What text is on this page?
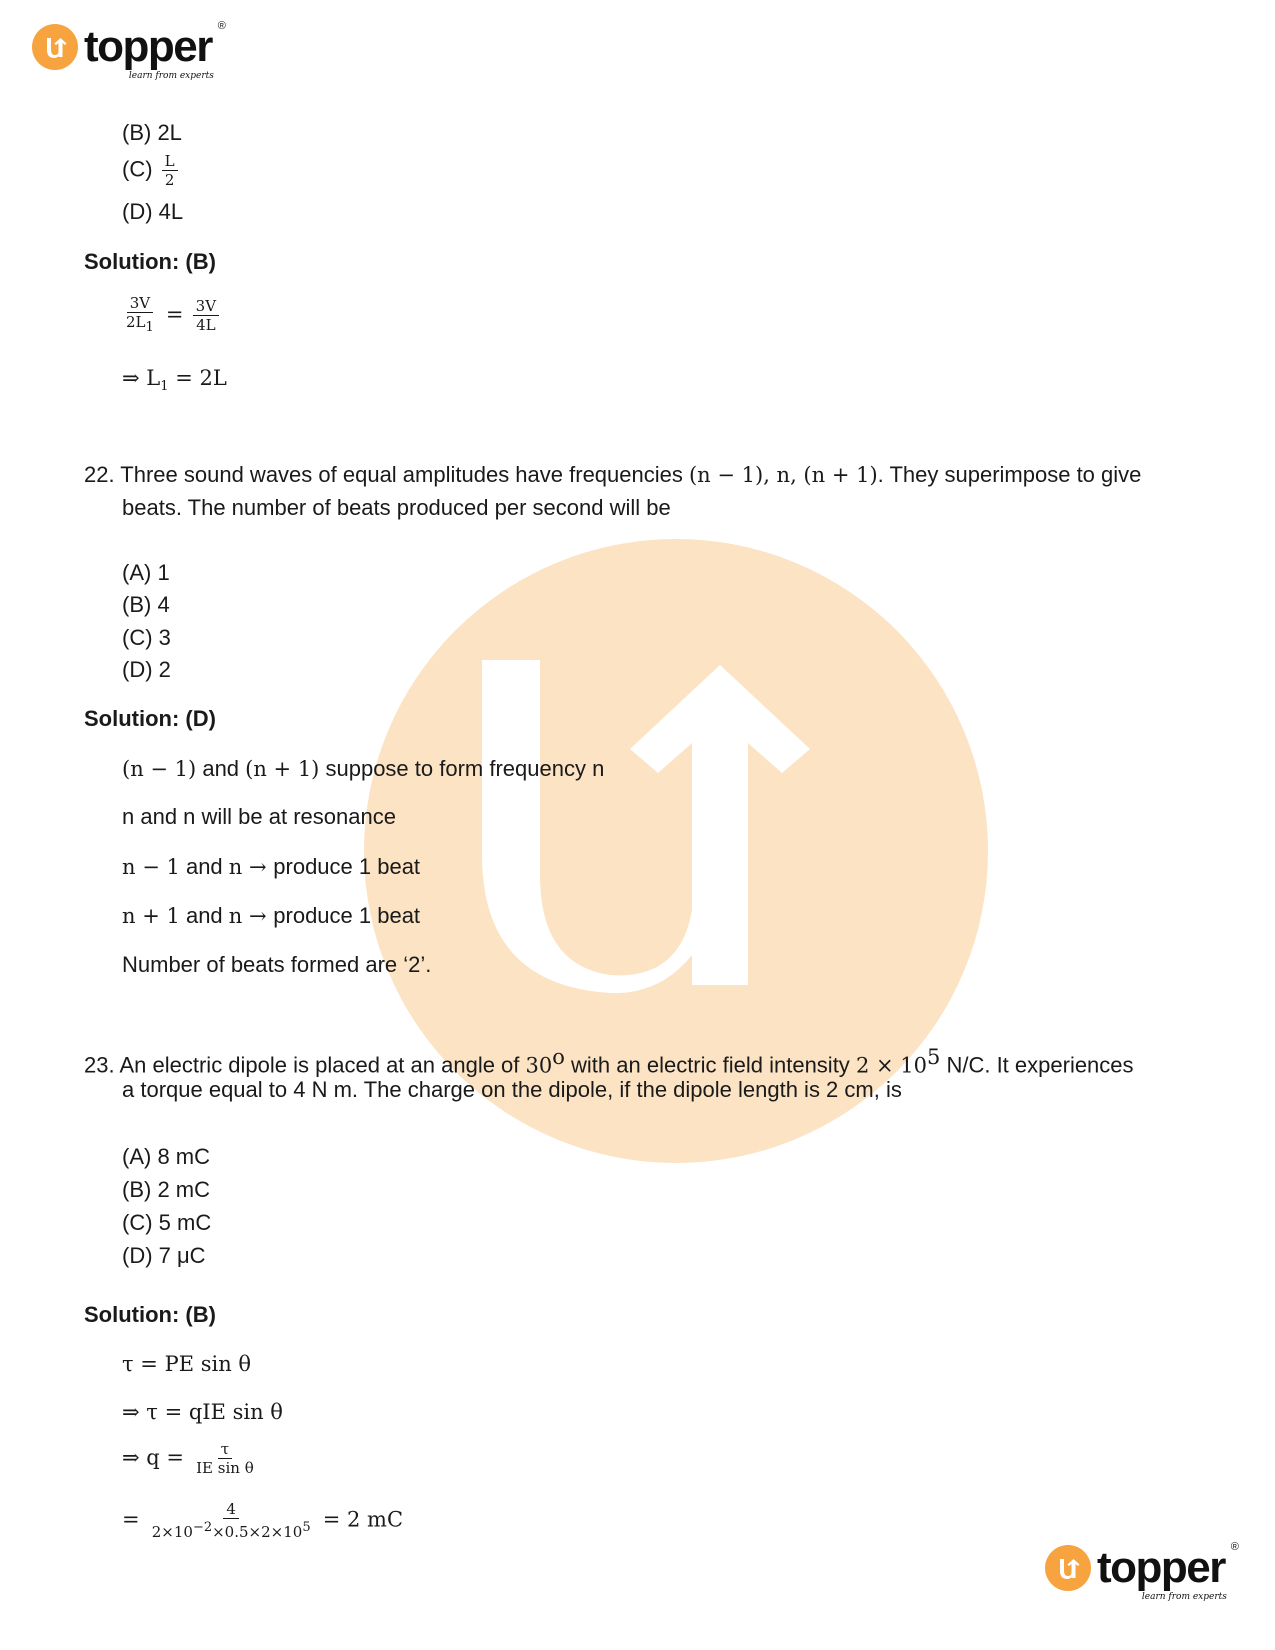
topper ®
learn from experts
topper ®
learn from experts
(B) 2L
$(C) \frac{L}{2}$
(D) 4L
Solution: (B)
$\frac{3V}{2L_1} = \frac{3V}{4L}$
⇒ $L_1 = 2L$
22. Three sound waves of equal amplitudes have frequencies (n − 1), n, (n + 1). They superimpose to give
beats. The number of beats produced per second will be
(A) 1
(B) 4
(C) 3
(D) 2
Solution: (D)
(n − 1) and (n + 1) suppose to form frequency n
n and n will be at resonance
n − 1 and n → produce 1 beat
n + 1 and n → produce 1 beat
Number of beats formed are ‘2’.
23. An electric dipole is placed at an angle of 30$^o$ with an electric field intensity $2 \times 10^5$ N/C. It experiences
a torque equal to 4 N m. The charge on the dipole, if the dipole length is 2 cm, is
(A) 8 mC
(B) 2 mC
(C) 5 mC
(D) 7 μC
Solution: (B)
τ = PE sin θ
⇒ τ = qIE sin θ
⇒ $q = \frac{\tau}{\text{IE sin θ}}$
= $\frac{4}{2\times 10^{-2}\times 0.5\times 2\times 10^5} = 2$ mC
